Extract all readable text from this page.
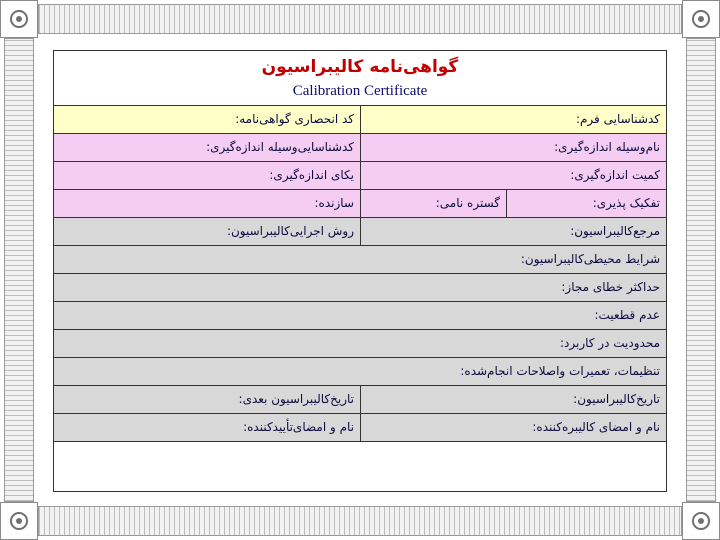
گواهی‌نامه کالیبراسیون
Calibration Certificate
کدشناسایی فرم:
کد انحصاری گواهی‌نامه:
نام‌وسیله اندازه‌گیری:
کدشناسایی‌وسیله اندازه‌گیری:
کمیت اندازه‌گیری:
یکای اندازه‌گیری:
تفکیک پذیری:
گستره نامی:
سازنده:
مرجع‌کالیبراسیون:
روش اجرایی‌کالیبراسیون:
شرایط محیطی‌کالیبراسیون:
حداکثر خطای مجاز:
عدم قطعیت:
محدودیت در کاربرد:
تنظیمات، تعمیرات واصلاحات انجام‌شده:
تاریخ‌کالیبراسیون:
تاریخ‌کالیبراسیون بعدی:
نام و امضای کالیبره‌کننده:
نام و امضای‌تأیید‌کننده:
